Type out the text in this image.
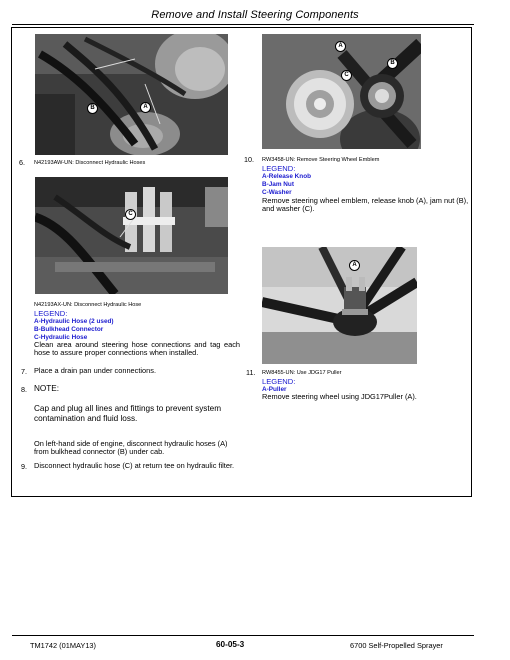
Remove and Install Steering Components
B	A
6. N42193AW-UN: Disconnect Hydraulic Hoses
C
N42193AX-UN: Disconnect Hydraulic Hose
LEGEND:
A-Hydraulic Hose (2 used)
B-Bulkhead Connector
C-Hydraulic Hose
Clean area around steering hose connections and tag each hose to assure proper connections when installed.
7. Place a drain pan under connections.
8. NOTE:
Cap and plug all lines and fittings to prevent system contamination and fluid loss.
On left-hand side of engine, disconnect hydraulic hoses (A) from bulkhead connector (B) under cab.
9. Disconnect hydraulic hose (C) at return tee on hydraulic filter.
A
B
C
10. RW3458-UN: Remove Steering Wheel Emblem
LEGEND:
A-Release Knob
B-Jam Nut
C-Washer
Remove steering wheel emblem, release knob (A), jam nut (B), and washer (C).
A
11. RW8455-UN: Use JDG17 Puller
LEGEND:
A-Puller
Remove steering wheel using JDG17Puller (A).
TM1742 (01MAY13)	60-05-3	6700 Self-Propelled Sprayer
